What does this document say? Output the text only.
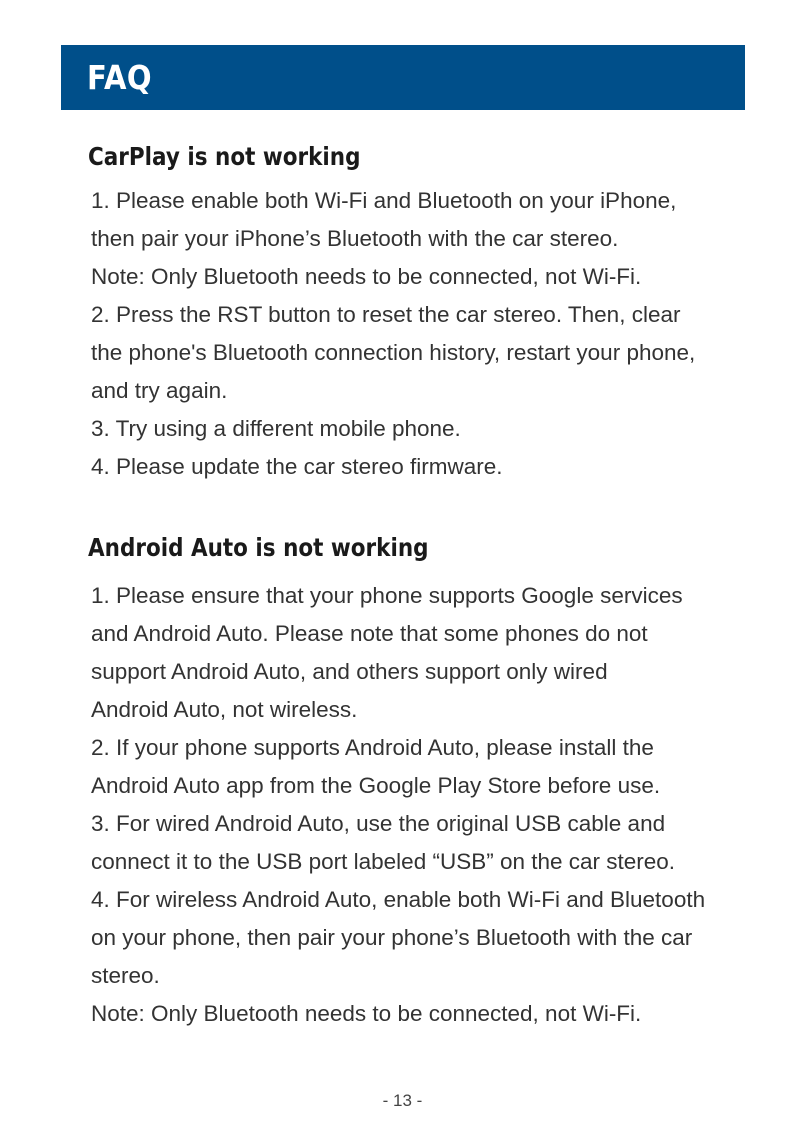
FAQ
CarPlay is not working
1. Please enable both Wi-Fi and Bluetooth on your iPhone,
then pair your iPhone’s Bluetooth with the car stereo.
Note: Only Bluetooth needs to be connected, not Wi-Fi.
2. Press the RST button to reset the car stereo. Then, clear
the phone's Bluetooth connection history, restart your phone,
and try again.
3. Try using a different mobile phone.
4. Please update the car stereo firmware.
Android Auto is not working
1. Please ensure that your phone supports Google services
and Android Auto. Please note that some phones do not
support Android Auto, and others support only wired
Android Auto, not wireless.
2. If your phone supports Android Auto, please install the
Android Auto app from the Google Play Store before use.
3. For wired Android Auto, use the original USB cable and
connect it to the USB port labeled “USB” on the car stereo.
4. For wireless Android Auto, enable both Wi-Fi and Bluetooth
on your phone, then pair your phone’s Bluetooth with the car
stereo.
Note: Only Bluetooth needs to be connected, not Wi-Fi.
- 13 -
